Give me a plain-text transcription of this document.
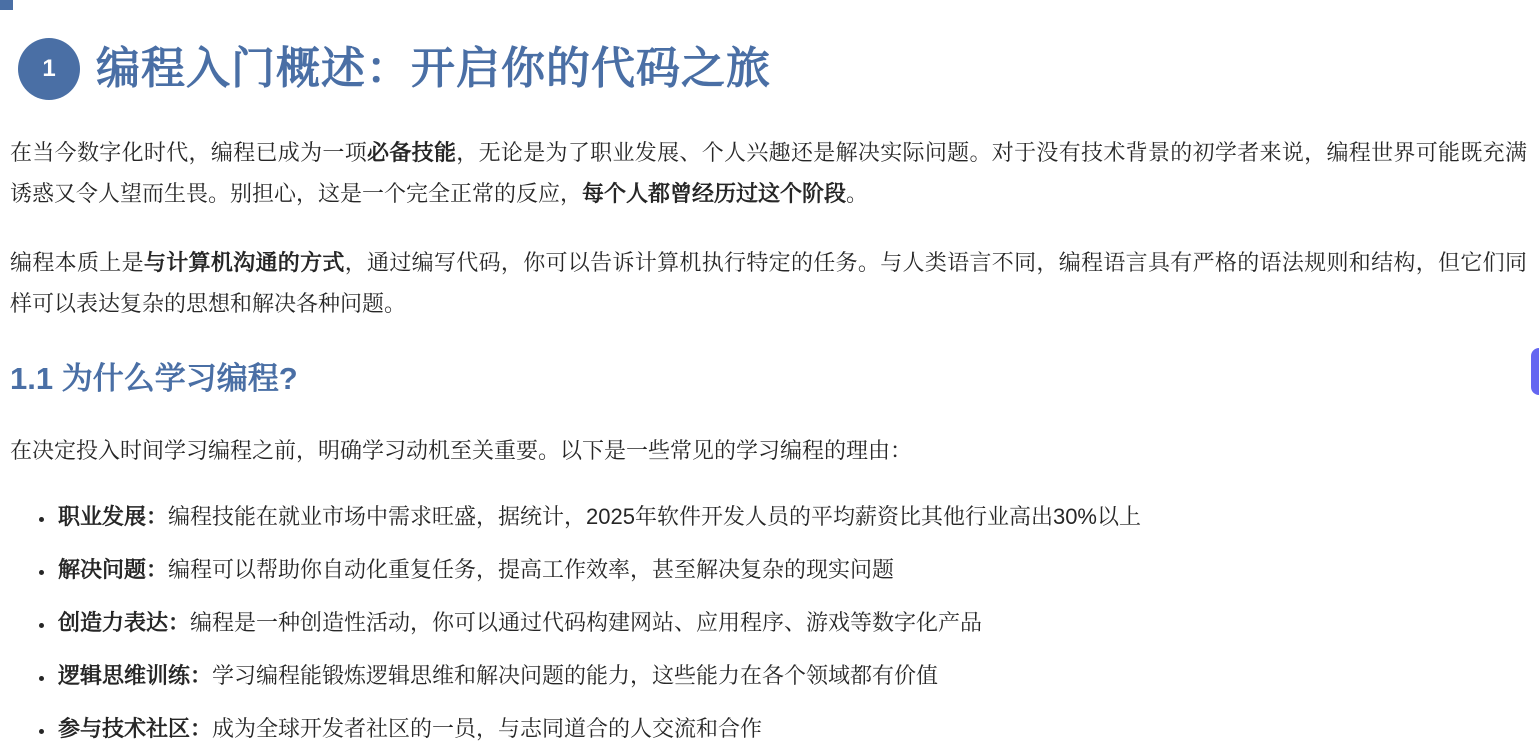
1 编程入门概述：开启你的代码之旅

在当今数字化时代，编程已成为一项必备技能，无论是为了职业发展、个人兴趣还是解决实际问题。对于没有技术背景的初学者来说，编程世界可能既充满诱惑又令人望而生畏。别担心，这是一个完全正常的反应，每个人都曾经历过这个阶段。

编程本质上是与计算机沟通的方式，通过编写代码，你可以告诉计算机执行特定的任务。与人类语言不同，编程语言具有严格的语法规则和结构，但它们同样可以表达复杂的思想和解决各种问题。

1.1 为什么学习编程?

在决定投入时间学习编程之前，明确学习动机至关重要。以下是一些常见的学习编程的理由：

• 职业发展：编程技能在就业市场中需求旺盛，据统计，2025年软件开发人员的平均薪资比其他行业高出30%以上
• 解决问题：编程可以帮助你自动化重复任务，提高工作效率，甚至解决复杂的现实问题
• 创造力表达：编程是一种创造性活动，你可以通过代码构建网站、应用程序、游戏等数字化产品
• 逻辑思维训练：学习编程能锻炼逻辑思维和解决问题的能力，这些能力在各个领域都有价值
• 参与技术社区：成为全球开发者社区的一员，与志同道合的人交流和合作
